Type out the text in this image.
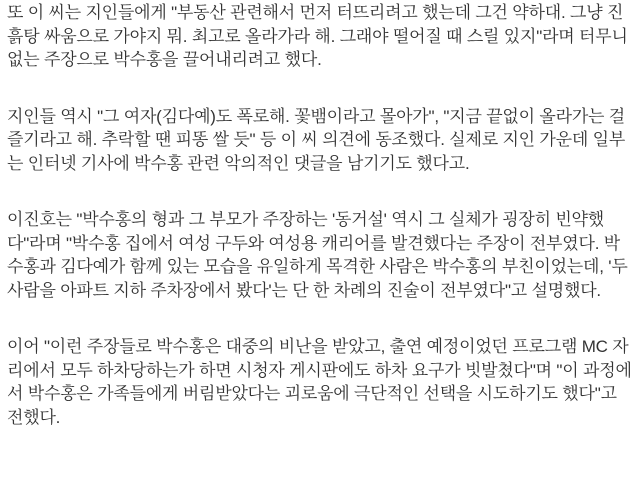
또 이 씨는 지인들에게 "부동산 관련해서 먼저 터뜨리려고 했는데 그건 약하대. 그냥 진흙탕 싸움으로 가야지 뭐. 최고로 올라가라 해. 그래야 떨어질 때 스릴 있지"라며 터무니없는 주장으로 박수홍을 끌어내리려고 했다.

지인들 역시 "그 여자(김다예)도 폭로해. 꽃뱀이라고 몰아가", "지금 끝없이 올라가는 걸 즐기라고 해. 추락할 땐 피똥 쌀 듯" 등 이 씨 의견에 동조했다. 실제로 지인 가운데 일부는 인터넷 기사에 박수홍 관련 악의적인 댓글을 남기기도 했다고.

이진호는 "박수홍의 형과 그 부모가 주장하는 '동거설' 역시 그 실체가 굉장히 빈약했다"라며 "박수홍 집에서 여성 구두와 여성용 캐리어를 발견했다는 주장이 전부였다. 박수홍과 김다예가 함께 있는 모습을 유일하게 목격한 사람은 박수홍의 부친이었는데, '두 사람을 아파트 지하 주차장에서 봤다'는 단 한 차례의 진술이 전부였다"고 설명했다.

이어 "이런 주장들로 박수홍은 대중의 비난을 받았고, 출연 예정이었던 프로그램 MC 자리에서 모두 하차당하는가 하면 시청자 게시판에도 하차 요구가 빗발쳤다"며 "이 과정에서 박수홍은 가족들에게 버림받았다는 괴로움에 극단적인 선택을 시도하기도 했다"고 전했다.
